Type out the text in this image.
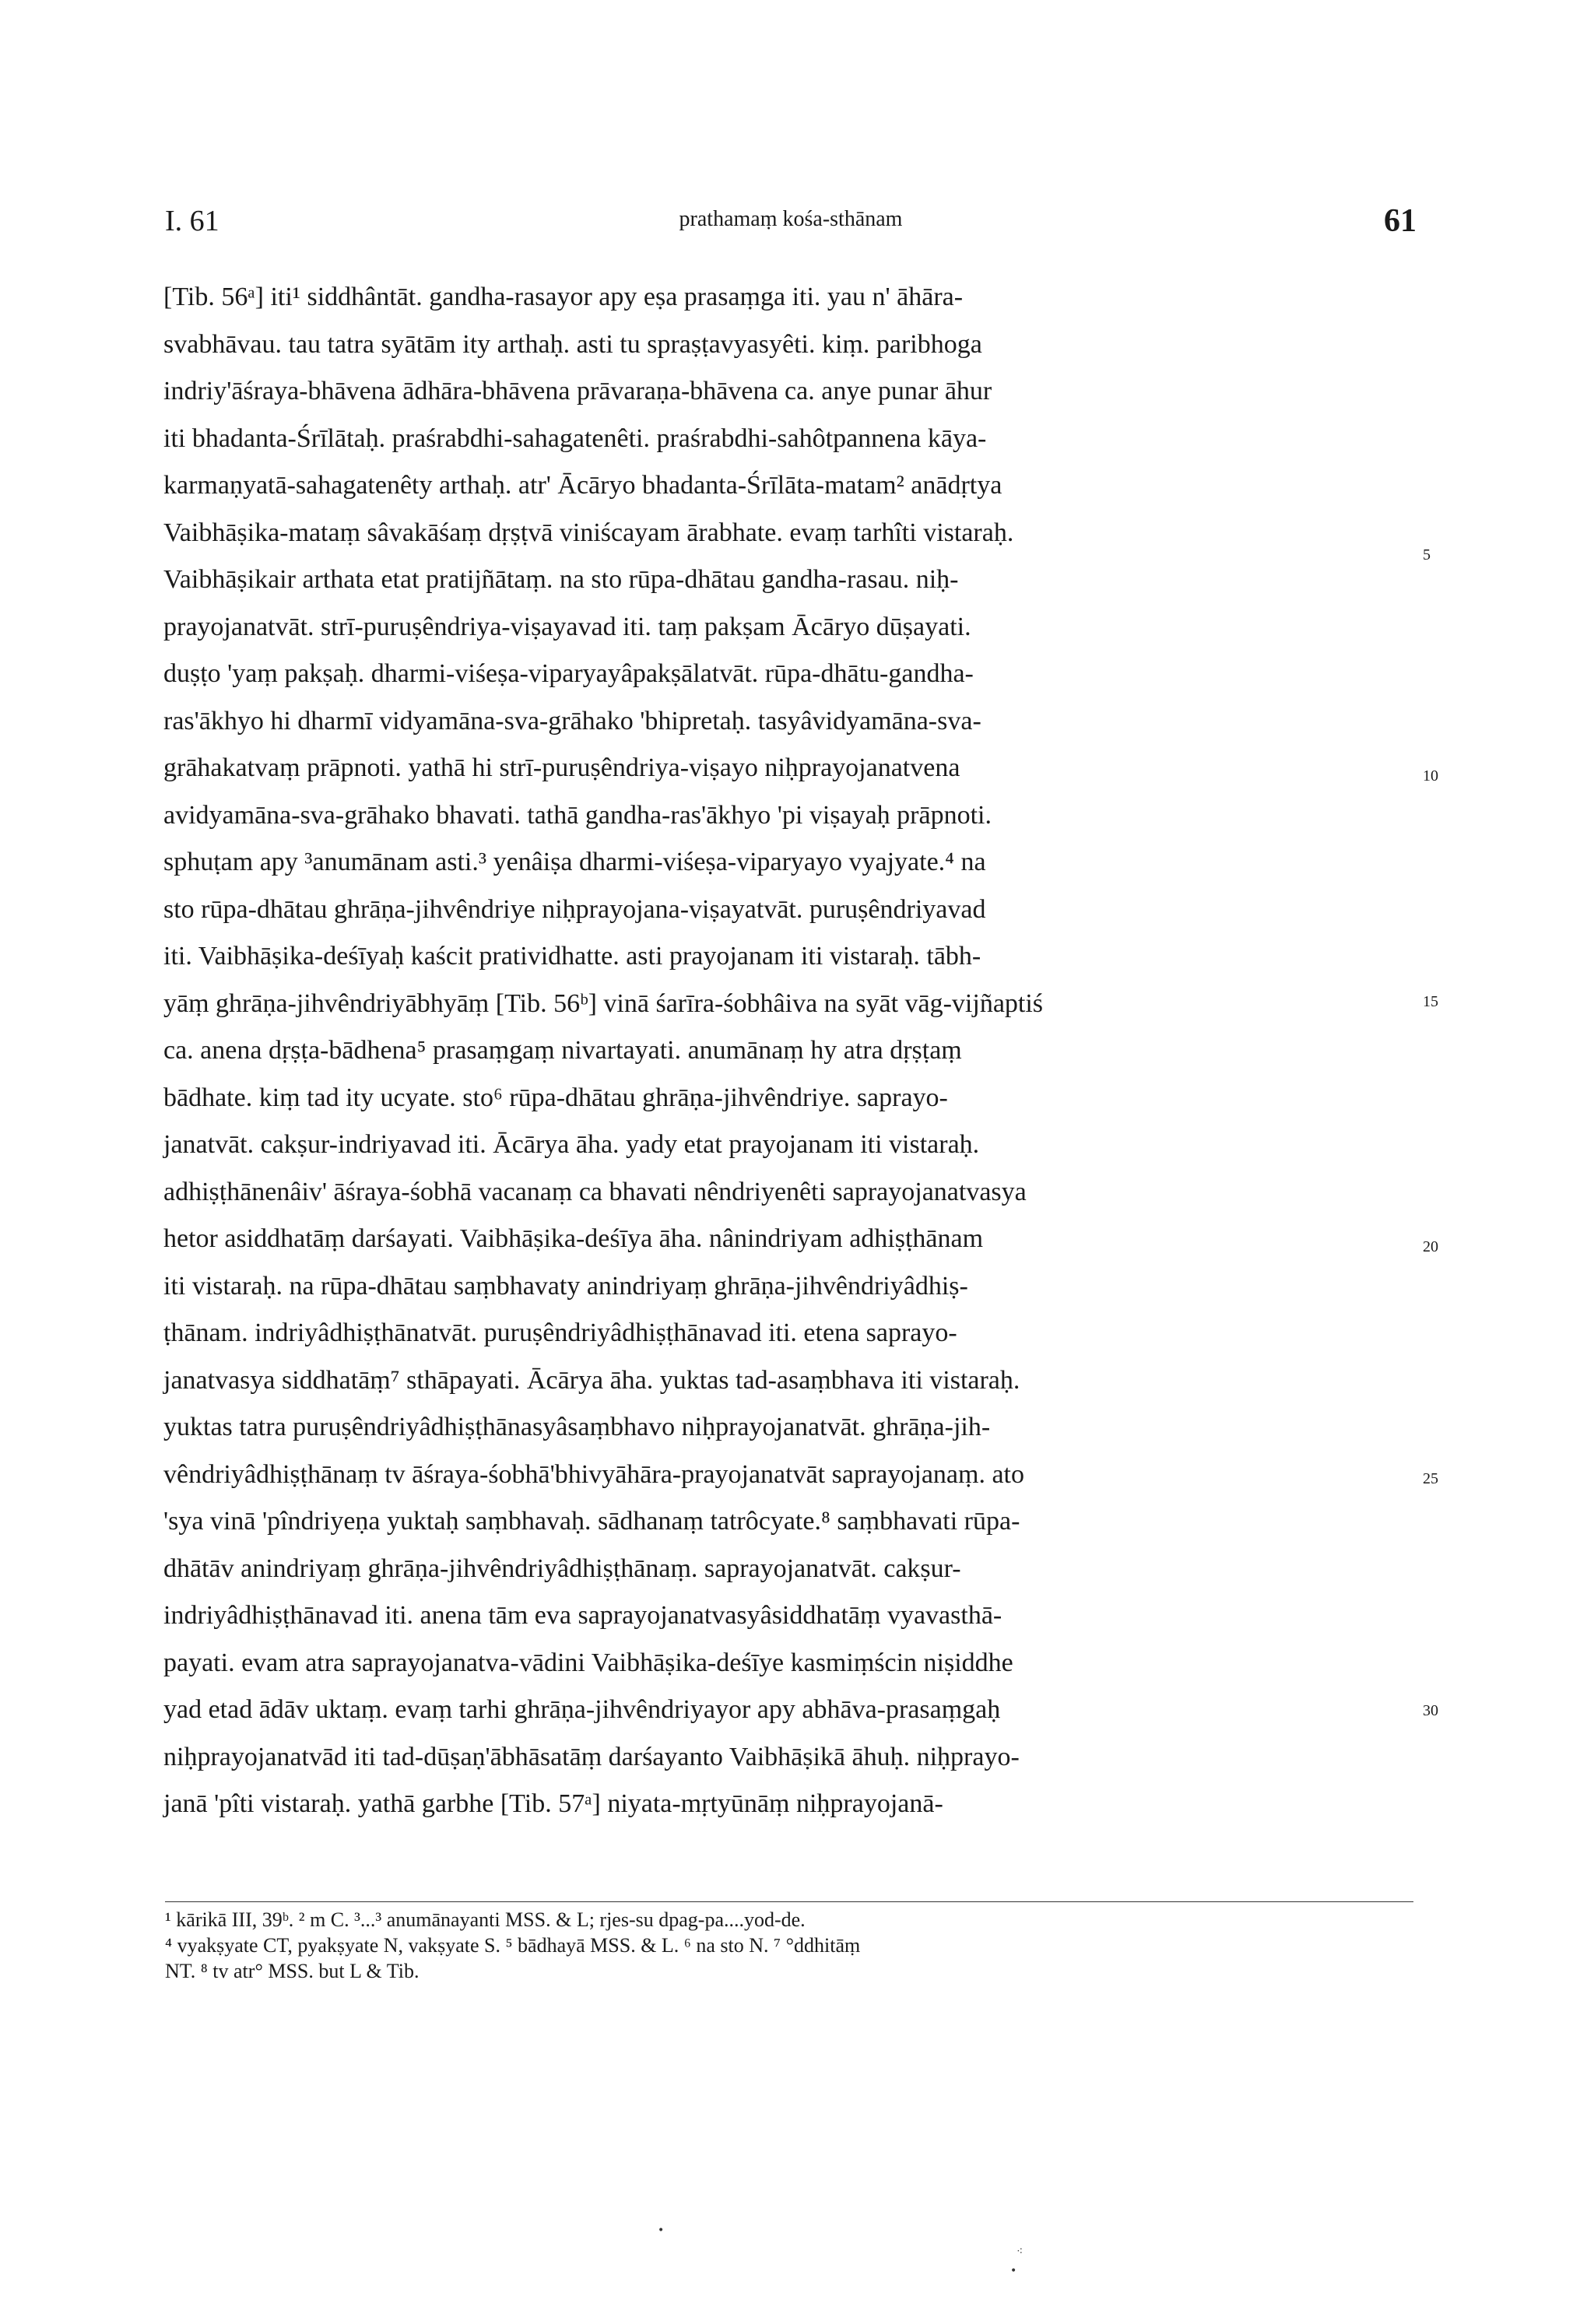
I. 61	prathamaṃ kośa-sthānam	61
[Tib. 56ᵃ] iti¹ siddhântāt. gandha-rasayor apy eṣa prasaṃga iti. yau n' āhāra-
svabhāvau. tau tatra syātām ity arthaḥ. asti tu spraṣṭavyasyêti. kiṃ. paribhoga
indriy'āśraya-bhāvena ādhāra-bhāvena prāvaraṇa-bhāvena ca. anye punar āhur
iti bhadanta-Śrīlātaḥ. praśrabdhi-sahagatenêti. praśrabdhi-sahôtpannena kāya-
karmaṇyatā-sahagatenêty arthaḥ. atr' Ācāryo bhadanta-Śrīlāta-matam² anādṛtya
Vaibhāṣika-mataṃ sâvakāśaṃ dṛṣṭvā viniścayam ārabhate. evaṃ tarhîti vistaraḥ.
Vaibhāṣikair arthata etat pratijñātaṃ. na sto rūpa-dhātau gandha-rasau. niḥ-
prayojanatvāt. strī-puruṣêndriya-viṣayavad iti. taṃ pakṣam Ācāryo dūṣayati.
duṣṭo 'yaṃ pakṣaḥ. dharmi-viśeṣa-viparyayâpakṣālatvāt. rūpa-dhātu-gandha-
ras'ākhyo hi dharmī vidyamāna-sva-grāhako 'bhipretaḥ. tasyâvidyamāna-sva-
grāhakatvaṃ prāpnoti. yathā hi strī-puruṣêndriya-viṣayo niḥprayojanatvena
avidyamāna-sva-grāhako bhavati. tathā gandha-ras'ākhyo 'pi viṣayaḥ prāpnoti.
sphuṭam apy ³anumānam asti.³ yenâiṣa dharmi-viśeṣa-viparyayo vyajyate.⁴ na
sto rūpa-dhātau ghrāṇa-jihvêndriye niḥprayojana-viṣayatvāt. puruṣêndriyavad
iti. Vaibhāṣika-deśīyaḥ kaścit pratividhatte. asti prayojanam iti vistaraḥ. tābh-
yāṃ ghrāṇa-jihvêndriyābhyāṃ [Tib. 56ᵇ] vinā śarīra-śobhâiva na syāt vāg-vijñaptiś
ca. anena dṛṣṭa-bādhena⁵ prasaṃgaṃ nivartayati. anumānaṃ hy atra dṛṣṭaṃ
bādhate. kiṃ tad ity ucyate. sto⁶ rūpa-dhātau ghrāṇa-jihvêndriye. saprayo-
janatvāt. cakṣur-indriyavad iti. Ācārya āha. yady etat prayojanam iti vistaraḥ.
adhiṣṭhānenâiv' āśraya-śobhā vacanaṃ ca bhavati nêndriyenêti saprayojanatvasya
hetor asiddhatāṃ darśayati. Vaibhāṣika-deśīya āha. nânindriyam adhiṣṭhānam
iti vistaraḥ. na rūpa-dhātau saṃbhavaty anindriyaṃ ghrāṇa-jihvêndriyâdhiṣ-
ṭhānam. indriyâdhiṣṭhānatvāt. puruṣêndriyâdhiṣṭhānavad iti. etena saprayo-
janatvasya siddhatāṃ⁷ sthāpayati. Ācārya āha. yuktas tad-asaṃbhava iti vistaraḥ.
yuktas tatra puruṣêndriyâdhiṣṭhānasyâsaṃbhavo niḥprayojanatvāt. ghrāṇa-jih-
vêndriyâdhiṣṭhānaṃ tv āśraya-śobhā'bhivyāhāra-prayojanatvāt saprayojanaṃ. ato
'sya vinā 'pîndriyeṇa yuktaḥ saṃbhavaḥ. sādhanaṃ tatrôcyate.⁸ saṃbhavati rūpa-
dhātāv anindriyaṃ ghrāṇa-jihvêndriyâdhiṣṭhānaṃ. saprayojanatvāt. cakṣur-
indriyâdhiṣṭhānavad iti. anena tām eva saprayojanatvasyâsiddhatāṃ vyavasthā-
payati. evam atra saprayojanatva-vādini Vaibhāṣika-deśīye kasmiṃścin niṣiddhe
yad etad ādāv uktaṃ. evaṃ tarhi ghrāṇa-jihvêndriyayor apy abhāva-prasaṃgaḥ
niḥprayojanatvād iti tad-dūṣaṇ'ābhāsatāṃ darśayanto Vaibhāṣikā āhuḥ. niḥprayo-
janā 'pîti vistaraḥ. yathā garbhe [Tib. 57ᵃ] niyata-mṛtyūnāṃ niḥprayojanā-
5
10
15
20
25
30
¹ kārikā III, 39ᵇ. ² m C. ³...³ anumānayanti MSS. & L; rjes-su dpag-pa....yod-de.
⁴ vyakṣyate CT, pyakṣyate N, vakṣyate S. ⁵ bādhayā MSS. & L. ⁶ na sto N. ⁷ °ddhitāṃ
NT. ⁸ tv atr° MSS. but L & Tib.
•
⁖
•
